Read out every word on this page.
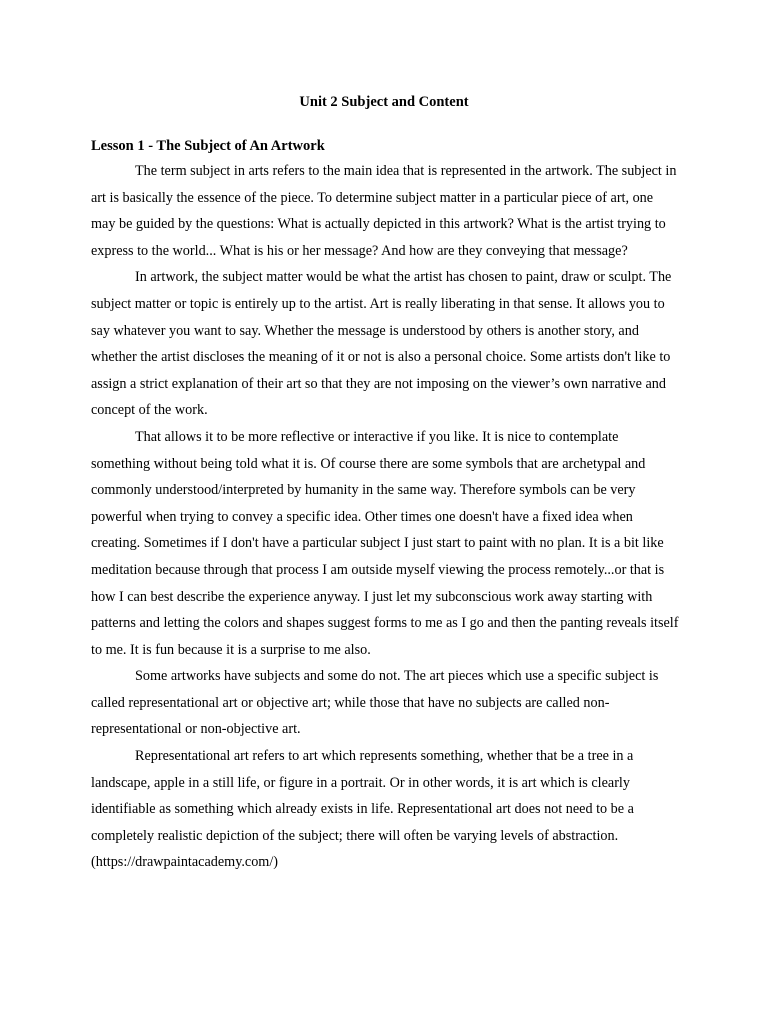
Unit 2 Subject and Content
Lesson 1 - The Subject of An Artwork

The term subject in arts refers to the main idea that is represented in the artwork. The subject in art is basically the essence of the piece. To determine subject matter in a particular piece of art, one may be guided by the questions: What is actually depicted in this artwork? What is the artist trying to express to the world... What is his or her message? And how are they conveying that message?

In artwork, the subject matter would be what the artist has chosen to paint, draw or sculpt. The subject matter or topic is entirely up to the artist. Art is really liberating in that sense. It allows you to say whatever you want to say. Whether the message is understood by others is another story, and whether the artist discloses the meaning of it or not is also a personal choice. Some artists don't like to assign a strict explanation of their art so that they are not imposing on the viewer’s own narrative and concept of the work.

That allows it to be more reflective or interactive if you like. It is nice to contemplate something without being told what it is. Of course there are some symbols that are archetypal and commonly understood/interpreted by humanity in the same way. Therefore symbols can be very powerful when trying to convey a specific idea. Other times one doesn't have a fixed idea when creating. Sometimes if I don't have a particular subject I just start to paint with no plan. It is a bit like meditation because through that process I am outside myself viewing the process remotely...or that is how I can best describe the experience anyway. I just let my subconscious work away starting with patterns and letting the colors and shapes suggest forms to me as I go and then the panting reveals itself to me. It is fun because it is a surprise to me also.

Some artworks have subjects and some do not. The art pieces which use a specific subject is called representational art or objective art; while those that have no subjects are called non-representational or non-objective art.

Representational art refers to art which represents something, whether that be a tree in a landscape, apple in a still life, or figure in a portrait. Or in other words, it is art which is clearly identifiable as something which already exists in life. Representational art does not need to be a completely realistic depiction of the subject; there will often be varying levels of abstraction.

(https://drawpaintacademy.com/)
